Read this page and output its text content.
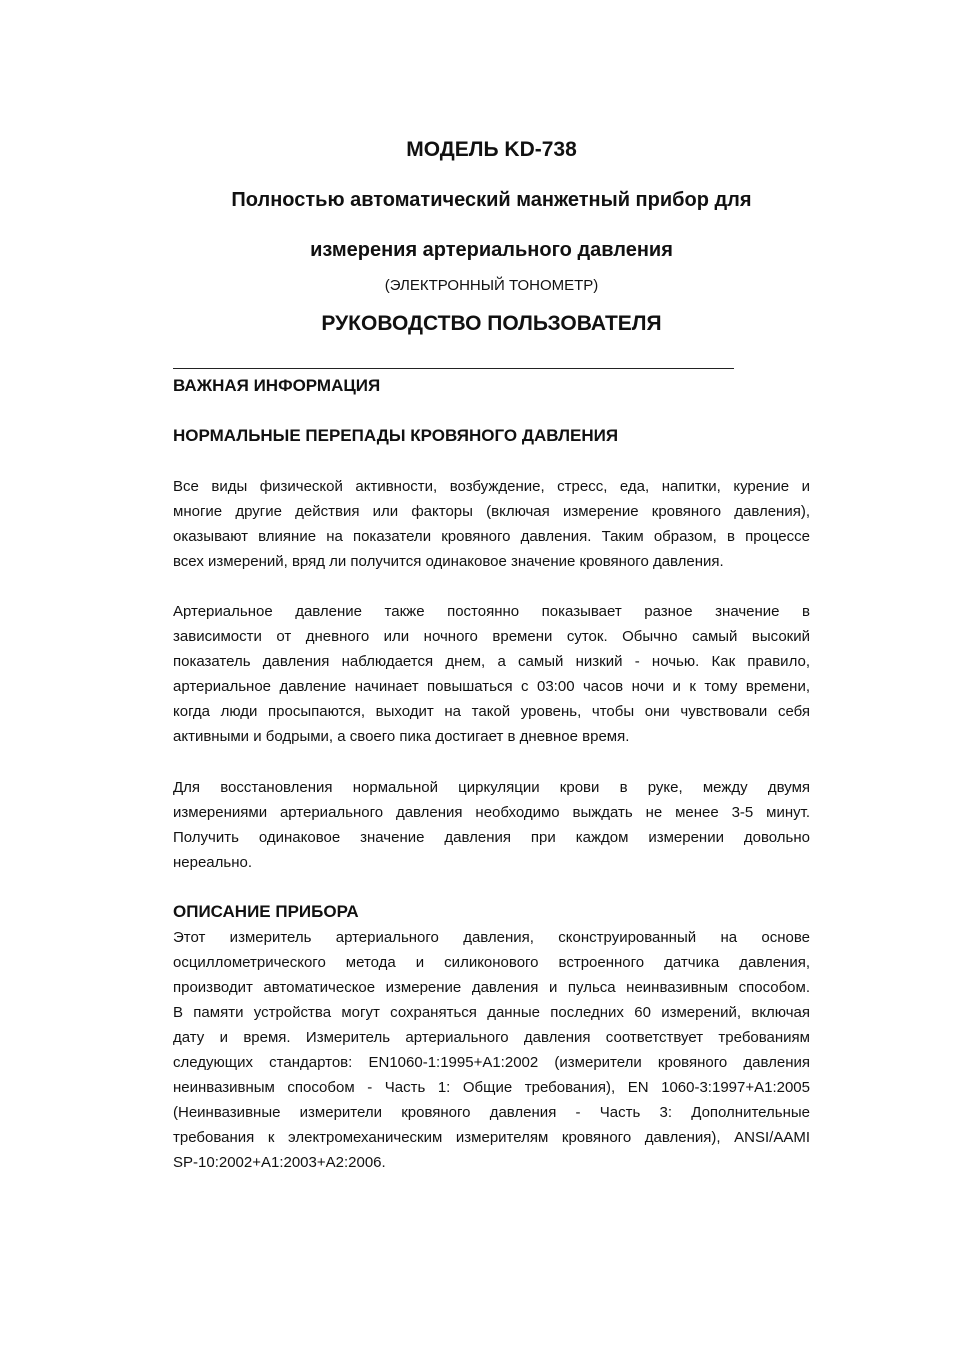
МОДЕЛЬ KD-738
Полностью автоматический манжетный прибор для
измерения артериального давления
(ЭЛЕКТРОННЫЙ ТОНОМЕТР)
РУКОВОДСТВО ПОЛЬЗОВАТЕЛЯ
ВАЖНАЯ ИНФОРМАЦИЯ
НОРМАЛЬНЫЕ ПЕРЕПАДЫ КРОВЯНОГО ДАВЛЕНИЯ
Все виды физической активности, возбуждение, стресс, еда, напитки, курение и
многие другие действия или факторы (включая измерение кровяного давления),
оказывают влияние на показатели кровяного давления. Таким образом, в процессе
всех измерений, вряд ли получится одинаковое значение кровяного давления.
Артериальное давление также постоянно показывает разное значение в
зависимости от дневного или ночного времени суток. Обычно самый высокий
показатель давления наблюдается днем, а самый низкий - ночью. Как правило,
артериальное давление начинает повышаться с 03:00 часов ночи и к тому времени,
когда люди просыпаются, выходит на такой уровень, чтобы они чувствовали себя
активными и бодрыми, а своего пика достигает в дневное время.
Для восстановления нормальной циркуляции крови в руке, между двумя
измерениями артериального давления необходимо выждать не менее 3-5 минут.
Получить одинаковое значение давления при каждом измерении довольно
нереально.
ОПИСАНИЕ ПРИБОРА
Этот измеритель артериального давления, сконструированный на основе
осциллометрического метода и силиконового встроенного датчика давления,
производит автоматическое измерение давления и пульса неинвазивным способом.
В памяти устройства могут сохраняться данные последних 60 измерений, включая
дату и время. Измеритель артериального давления соответствует требованиям
следующих стандартов: EN1060-1:1995+A1:2002 (измерители кровяного давления
неинвазивным способом - Часть 1: Общие требования), EN 1060-3:1997+A1:2005
(Неинвазивные измерители кровяного давления - Часть 3: Дополнительные
требования к электромеханическим измерителям кровяного давления), ANSI/AAMI
SP-10:2002+A1:2003+A2:2006.
